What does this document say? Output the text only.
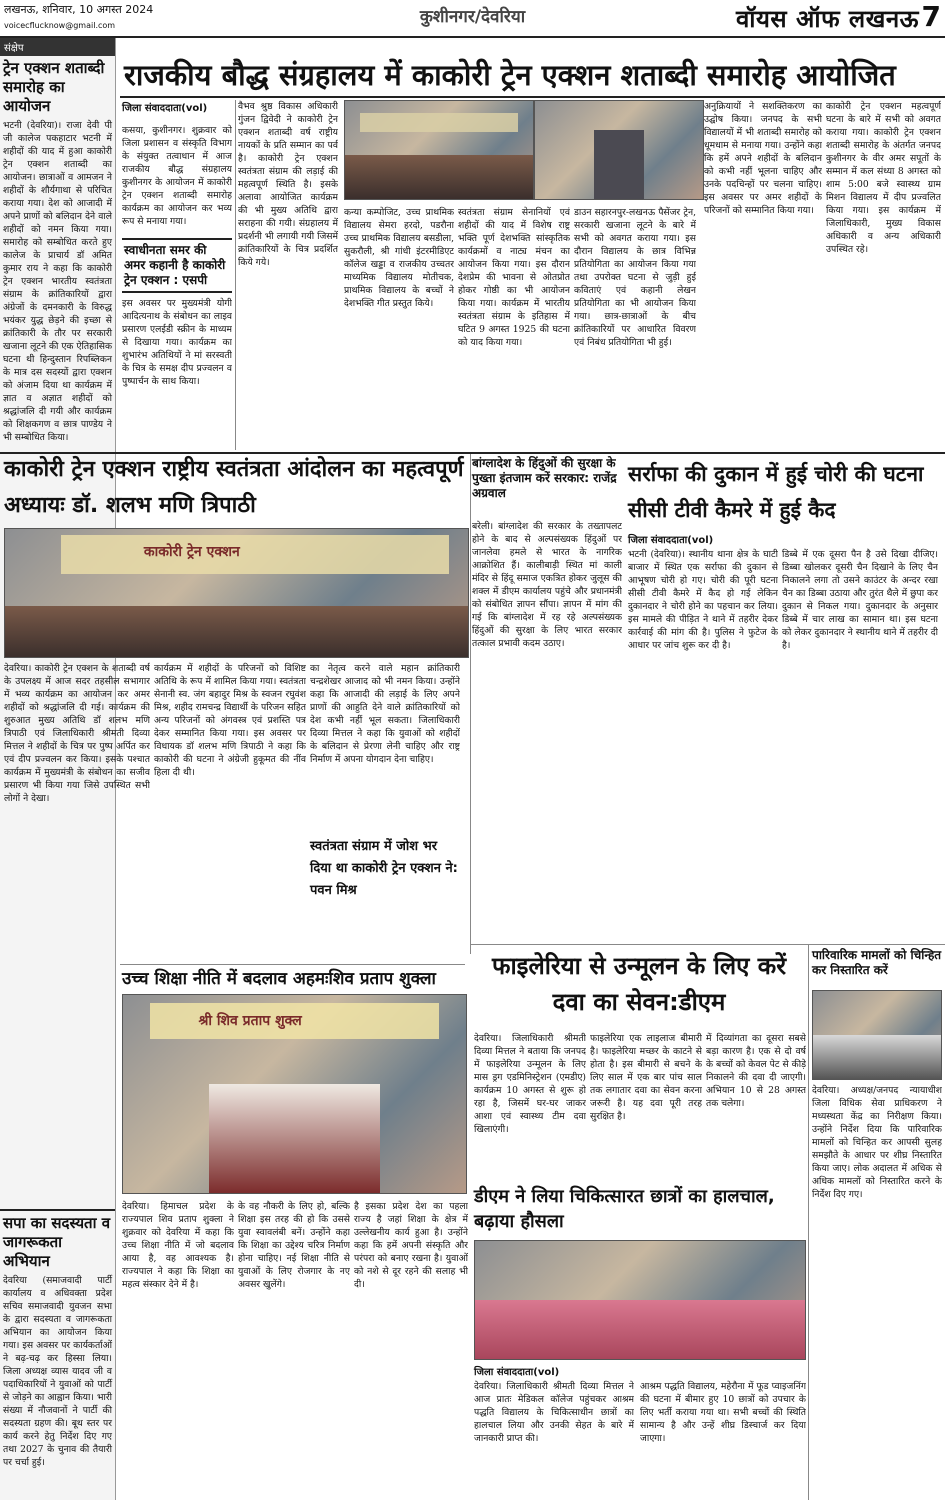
लखनऊ, शनिवार, 10 अगस्त 2024
voicecflucknow@gmail.com	कुशीनगर/देवरिया	वॉयस ऑफ लखनऊ 7
संक्षेप
ट्रेन एक्शन शताब्दी समारोह का आयोजन
भटनी (देवरिया)। राजा देवी पी जी कालेज पकहाटार भटनी में शहीदों की याद में हुआ काकोरी ट्रेन एक्शन शताब्दी का आयोजन। छात्राओं व आमजन ने शहीदों के शौर्यगाथा से परिचित कराया गया। देश को आजादी में अपने प्राणों को बलिदान देने वाले शहीदों को नमन किया गया। समारोह को सम्बोधित करते हुए कालेज के प्राचार्य डॉ अमित कुमार राय ने कहा कि काकोरी ट्रेन एक्शन भारतीय स्वतंत्रता संग्राम के क्रांतिकारियों द्वारा अंग्रेजों के दमनकारी के विरुद्ध भयंकर युद्ध छेड़ने की इच्छा से क्रांतिकारी के तौर पर सरकारी खजाना लूटने की एक ऐतिहासिक घटना थी हिन्दुस्तान रिपब्लिकन के मात्र दस सदस्यों द्वारा एक्शन को अंजाम दिया था कार्यक्रम में ज्ञात व अज्ञात शहीदों को श्रद्धांजलि दी गयी और कार्यक्रम को शिक्षकगण व छात्र पाण्डेय ने भी सम्बोधित किया।
सपा का सदस्यता व जागरूकता अभियान
देवरिया (समाजवादी पार्टी कार्यालय व अधिवक्ता प्रदेश सचिव समाजवादी युवजन सभा के द्वारा सदस्यता व जागरूकता अभियान का आयोजन किया गया। इस अवसर पर कार्यकर्ताओं ने बढ़-चढ़ कर हिस्सा लिया। जिला अध्यक्ष व्यास यादव जी व पदाधिकारियों ने युवाओं को पार्टी से जोड़ने का आह्वान किया। भारी संख्या में नौजवानों ने पार्टी की सदस्यता ग्रहण की। बूथ स्तर पर कार्य करने हेतु निर्देश दिए गए तथा 2027 के चुनाव की तैयारी पर चर्चा हुई।
राजकीय बौद्ध संग्रहालय में काकोरी ट्रेन एक्शन शताब्दी समारोह आयोजित
जिला संवाददाता(vol)
कसया, कुशीनगर। शुक्रवार को जिला प्रशासन व संस्कृति विभाग के संयुक्त तत्वाधान में आज राजकीय बौद्ध संग्रहालय कुशीनगर के आयोजन में काकोरी ट्रेन एक्शन शताब्दी समारोह कार्यक्रम का आयोजन कर भव्य रूप से मनाया गया।
स्वाधीनता समर की अमर कहानी है काकोरी ट्रेन एक्शन : एसपी
इस अवसर पर मुख्यमंत्री योगी आदित्यनाथ के संबोधन का लाइव प्रसारण एलईडी स्क्रीन के माध्यम से दिखाया गया। कार्यक्रम का शुभारंभ अतिथियों ने मां सरस्वती के चित्र के समक्ष दीप प्रज्वलन व पुष्पार्चन के साथ किया।
वैभव श्रुष्ठ विकास अधिकारी गुंजन द्विवेदी ने काकोरी ट्रेन एक्शन शताब्दी वर्ष राष्ट्रीय नायकों के प्रति सम्मान का पर्व है। काकोरी ट्रेन एक्शन स्वतंत्रता संग्राम की लड़ाई की महत्वपूर्ण स्थिति है। इसके अलावा आयोजित कार्यक्रम की भी मुख्य अतिथि द्वारा सराहना की गयी। संग्रहालय में प्रदर्शनी भी लगायी गयी जिसमें क्रांतिकारियों के चित्र प्रदर्शित किये गये।
कन्या कम्पोजिट, उच्च प्राथमिक विद्यालय सेमरा हरदो, पडरौना उच्च प्राथमिक विद्यालय बसडीला, सुकरौली, श्री गांधी इंटरमीडिएट कॉलेज खड्डा व राजकीय उच्चतर माध्यमिक विद्यालय मोतीचक, प्राथमिक विद्यालय के बच्चों ने देशभक्ति गीत प्रस्तुत किये।
स्वतंत्रता संग्राम सेनानियों एवं शहीदों की याद में विशेष राष्ट्र भक्ति पूर्ण देशभक्ति सांस्कृतिक कार्यक्रमों व नाट्य मंचन का आयोजन किया गया। इस दौरान देशप्रेम की भावना से ओतप्रोत होकर गोष्ठी का भी आयोजन किया गया। कार्यक्रम में भारतीय स्वतंत्रता संग्राम के इतिहास में घटित 9 अगस्त 1925 की घटना को याद किया गया।
डाउन सहारनपुर-लखनऊ पैसेंजर ट्रेन, सरकारी खजाना लूटने के बारे में सभी को अवगत कराया गया। इस दौरान विद्यालय के छात्र विभिन्न प्रतियोगिता का आयोजन किया गया तथा उपरोक्त घटना से जुड़ी हुई कविताएं एवं कहानी लेखन प्रतियोगिता का भी आयोजन किया गया। छात्र-छात्राओं के बीच क्रांतिकारियों पर आधारित विवरण एवं निबंध प्रतियोगिता भी हुई।
अनुक्रियायों ने सशक्तिकरण का उद्घोष किया। जनपद के सभी विद्यालयों में भी शताब्दी समारोह को धूमधाम से मनाया गया। उन्होंने कहा कि हमें अपने शहीदों के बलिदान को कभी नहीं भूलना चाहिए और उनके पदचिन्हों पर चलना चाहिए। इस अवसर पर अमर शहीदों के परिजनों को सम्मानित किया गया।
काकोरी ट्रेन एक्शन महत्वपूर्ण घटना के बारे में सभी को अवगत कराया गया। काकोरी ट्रेन एक्शन शताब्दी समारोह के अंतर्गत जनपद कुशीनगर के वीर अमर सपूतों के सम्मान में कल संध्या 8 अगस्त को शाम 5:00 बजे स्वास्थ्य ग्राम मिशन विद्यालय में दीप प्रज्वलित किया गया। इस कार्यक्रम में जिलाधिकारी, मुख्य विकास अधिकारी व अन्य अधिकारी उपस्थित रहे।
काकोरी ट्रेन एक्शन राष्ट्रीय स्वतंत्रता आंदोलन का महत्वपूर्ण अध्यायः डॉ. शलभ मणि त्रिपाठी
काकोरी ट्रेन एक्शन
देवरिया। काकोरी ट्रेन एक्शन के शताब्दी वर्ष के उपलक्ष्य में आज सदर तहसील सभागार में भव्य कार्यक्रम का आयोजन कर अमर शहीदों को श्रद्धांजलि दी गई। कार्यक्रम की शुरुआत मुख्य अतिथि डॉ शलभ मणि त्रिपाठी एवं जिलाधिकारी श्रीमती दिव्या मित्तल ने शहीदों के चित्र पर पुष्प अर्पित कर एवं दीप प्रज्वलन कर किया। इसके पश्चात कार्यक्रम में मुख्यमंत्री के संबोधन का सजीव प्रसारण भी किया गया जिसे उपस्थित सभी लोगों ने देखा।
कार्यक्रम में शहीदों के परिजनों को विशिष्ट अतिथि के रूप में शामिल किया गया। स्वतंत्रता सेनानी स्व. जंग बहादुर मिश्र के स्वजन रघुवंश मिश्र, शहीद रामचन्द्र विद्यार्थी के परिजन सहित अन्य परिजनों को अंगवस्त्र एवं प्रशस्ति पत्र देकर सम्मानित किया गया। इस अवसर पर विधायक डॉ शलभ मणि त्रिपाठी ने कहा कि काकोरी की घटना ने अंग्रेजी हुकूमत की नींव हिला दी थी।
का नेतृत्व करने वाले महान क्रांतिकारी चन्द्रशेखर आजाद को भी नमन किया। उन्होंने कहा कि आजादी की लड़ाई के लिए अपने प्राणों की आहुति देने वाले क्रांतिकारियों को देश कभी नहीं भूल सकता। जिलाधिकारी दिव्या मित्तल ने कहा कि युवाओं को शहीदों के बलिदान से प्रेरणा लेनी चाहिए और राष्ट्र निर्माण में अपना योगदान देना चाहिए।
स्वतंत्रता संग्राम में जोश भर दिया था काकोरी ट्रेन एक्शन ने: पवन मिश्र
बांग्लादेश के हिंदुओं की सुरक्षा के पुख्ता इंतजाम करें सरकार: राजेंद्र अग्रवाल
बरेली। बांग्लादेश की सरकार के तख्तापलट होने के बाद से अल्पसंख्यक हिंदुओं पर जानलेवा हमले से भारत के नागरिक आक्रोशित हैं। कालीबाड़ी स्थित मां काली मंदिर से हिंदू समाज एकत्रित होकर जुलूस की शक्ल में डीएम कार्यालय पहुंचे और प्रधानमंत्री को संबोधित ज्ञापन सौंपा। ज्ञापन में मांग की गई कि बांग्लादेश में रह रहे अल्पसंख्यक हिंदुओं की सुरक्षा के लिए भारत सरकार तत्काल प्रभावी कदम उठाए।
सर्राफा की दुकान में हुई चोरी की घटना सीसी टीवी कैमरे में हुई कैद
जिला संवाददाता(vol)
भटनी (देवरिया)। स्थानीय थाना क्षेत्र के घाटी बाजार में स्थित एक सर्राफा की दुकान से आभूषण चोरी हो गए। चोरी की पूरी घटना सीसी टीवी कैमरे में कैद हो गई लेकिन दुकानदार ने चोरी होने का पहचान कर लिया। इस मामले की पीड़ित ने थाने में तहरीर देकर कार्रवाई की मांग की है। पुलिस ने फुटेज के आधार पर जांच शुरू कर दी है।
डिब्बे में एक दूसरा पैन है उसे दिखा दीजिए। डिब्बा खोलकर दूसरी चैन दिखाने के लिए चैन निकालने लगा तो उसने काउंटर के अन्दर रखा चैन का डिब्बा उठाया और तुरंत थैले में छुपा कर दुकान से निकल गया। दुकानदार के अनुसार डिब्बे में चार लाख का सामान था। इस घटना को लेकर दुकानदार ने स्थानीय थाने में तहरीर दी है।
फाइलेरिया से उन्मूलन के लिए करें दवा का सेवन:डीएम
देवरिया। जिलाधिकारी श्रीमती दिव्या मित्तल ने बताया कि जनपद में फाइलेरिया उन्मूलन के लिए मास ड्रग एडमिनिस्ट्रेशन (एमडीए) कार्यक्रम 10 अगस्त से शुरू हो रहा है, जिसमें घर-घर जाकर आशा एवं स्वास्थ्य टीम दवा खिलाएंगी।
फाइलेरिया एक लाइलाज बीमारी है। फाइलेरिया मच्छर के काटने से होता है। इस बीमारी से बचने के लिए साल में एक बार पांच साल तक लगातार दवा का सेवन करना जरूरी है। यह दवा पूरी तरह सुरक्षित है।
में दिव्यांगता का दूसरा सबसे बड़ा कारण है। एक से दो वर्ष के बच्चों को केवल पेट से कीड़े निकालने की दवा दी जाएगी। अभियान 10 से 28 अगस्त तक चलेगा।
उच्च शिक्षा नीति में बदलाव अहमःशिव प्रताप शुक्ला
श्री शिव प्रताप शुक्ल
देवरिया। हिमाचल प्रदेश के राज्यपाल शिव प्रताप शुक्ला ने शुक्रवार को देवरिया में कहा कि उच्च शिक्षा नीति में जो बदलाव आया है, वह आवश्यक है। राज्यपाल ने कहा कि शिक्षा का महत्व संस्कार देने में है।
के वह नौकरी के लिए हो, बल्कि शिक्षा इस तरह की हो कि उससे युवा स्वावलंबी बनें। उन्होंने कहा कि शिक्षा का उद्देश्य चरित्र निर्माण होना चाहिए। नई शिक्षा नीति से युवाओं के लिए रोजगार के नए अवसर खुलेंगे।
है इसका प्रदेश देश का पहला राज्य है जहां शिक्षा के क्षेत्र में उल्लेखनीय कार्य हुआ है। उन्होंने कहा कि हमें अपनी संस्कृति और परंपरा को बनाए रखना है। युवाओं को नशे से दूर रहने की सलाह भी दी।
डीएम ने लिया चिकित्सारत छात्रों का हालचाल, बढ़ाया हौसला
जिला संवाददाता(vol)
देवरिया। जिलाधिकारी श्रीमती दिव्या मित्तल ने आज प्रातः मेडिकल कॉलेज पहुंचकर आश्रम पद्धति विद्यालय के चिकित्साधीन छात्रों का हालचाल लिया और उनकी सेहत के बारे में जानकारी प्राप्त की।
आश्रम पद्धति विद्यालय, महेरौना में फूड प्वाइजनिंग की घटना में बीमार हुए 10 छात्रों को उपचार के लिए भर्ती कराया गया था। सभी बच्चों की स्थिति सामान्य है और उन्हें शीघ्र डिस्चार्ज कर दिया जाएगा।
पारिवारिक मामलों को चिन्हित कर निस्तारित करें
देवरिया। अध्यक्ष/जनपद न्यायाधीश जिला विधिक सेवा प्राधिकरण ने मध्यस्थता केंद्र का निरीक्षण किया। उन्होंने निर्देश दिया कि पारिवारिक मामलों को चिन्हित कर आपसी सुलह समझौते के आधार पर शीघ्र निस्तारित किया जाए। लोक अदालत में अधिक से अधिक मामलों को निस्तारित करने के निर्देश दिए गए।
